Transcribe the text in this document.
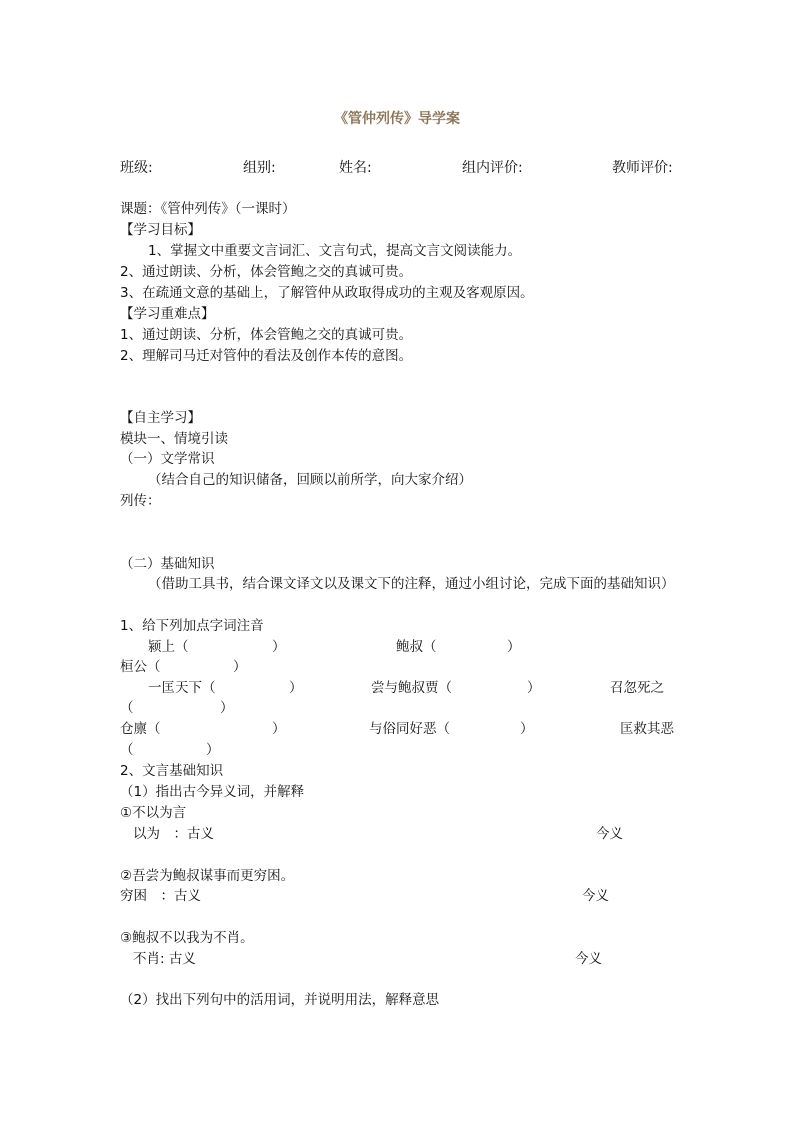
《管仲列传》导学案
班级:	组别:	姓名:	组内评价:	教师评价:
课题：《管仲列传》（一课时）
【学习目标】
1、掌握文中重要文言词汇、文言句式，提高文言文阅读能力。
2、通过朗读、分析，体会管鲍之交的真诚可贵。
3、在疏通文意的基础上，了解管仲从政取得成功的主观及客观原因。
【学习重难点】
1、通过朗读、分析，体会管鲍之交的真诚可贵。
2、理解司马迁对管仲的看法及创作本传的意图。
【自主学习】
模块一、情境引读
（一）文学常识
（结合自己的知识储备，回顾以前所学，向大家介绍）
列传：
（二）基础知识
（借助工具书，结合课文译文以及课文下的注释，通过小组讨论，完成下面的基础知识）
1、给下列加点字词注音
颍上（	）	鲍叔（	）
桓公（	）
一匡天下（	）	尝与鲍叔贾（	）	召忽死之
（	）
仓廪（	）	与俗同好恶（	）	匡救其恶
（	）
2、文言基础知识
（1）指出古今异义词，并解释
①不以为言
以为　：古义	今义
②吾尝为鲍叔谋事而更穷困。
穷困　：古义	今义
③鲍叔不以我为不肖。
不肖: 古义	今义
（2）找出下列句中的活用词，并说明用法，解释意思
